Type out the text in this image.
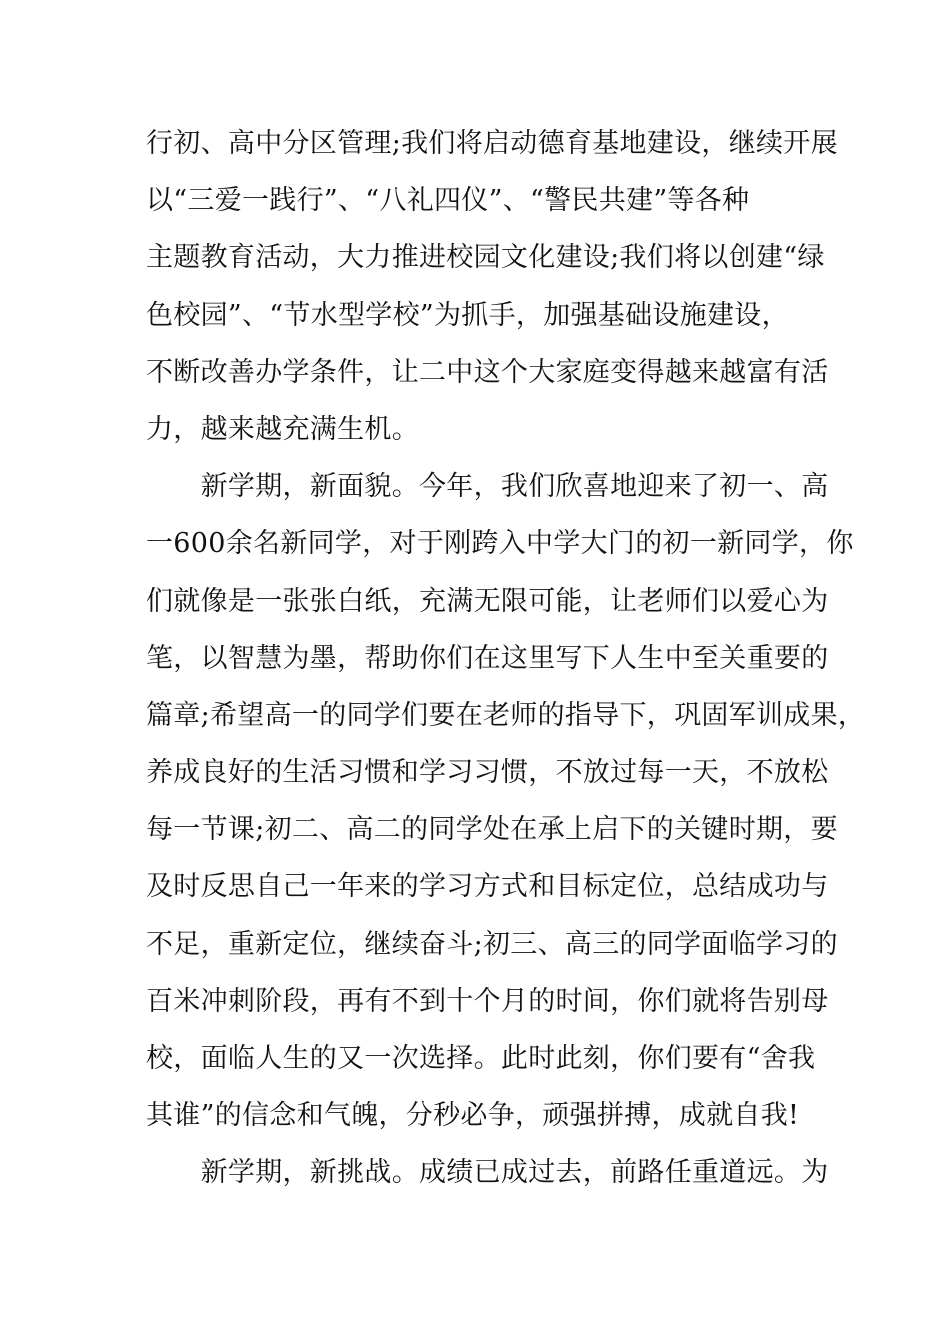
行初、高中分区管理;我们将启动德育基地建设，继续开展
以“三爱一践行”、“八礼四仪”、“警民共建”等各种
主题教育活动，大力推进校园文化建设;我们将以创建“绿
色校园”、“节水型学校”为抓手，加强基础设施建设，
不断改善办学条件，让二中这个大家庭变得越来越富有活
力，越来越充满生机。
　　新学期，新面貌。今年，我们欣喜地迎来了初一、高
一600余名新同学，对于刚跨入中学大门的初一新同学，你
们就像是一张张白纸，充满无限可能，让老师们以爱心为
笔，以智慧为墨，帮助你们在这里写下人生中至关重要的
篇章;希望高一的同学们要在老师的指导下，巩固军训成果，
养成良好的生活习惯和学习习惯，不放过每一天，不放松
每一节课;初二、高二的同学处在承上启下的关键时期，要
及时反思自己一年来的学习方式和目标定位，总结成功与
不足，重新定位，继续奋斗;初三、高三的同学面临学习的
百米冲刺阶段，再有不到十个月的时间，你们就将告别母
校，面临人生的又一次选择。此时此刻，你们要有“舍我
其谁”的信念和气魄，分秒必争，顽强拼搏，成就自我!
　　新学期，新挑战。成绩已成过去，前路任重道远。为
